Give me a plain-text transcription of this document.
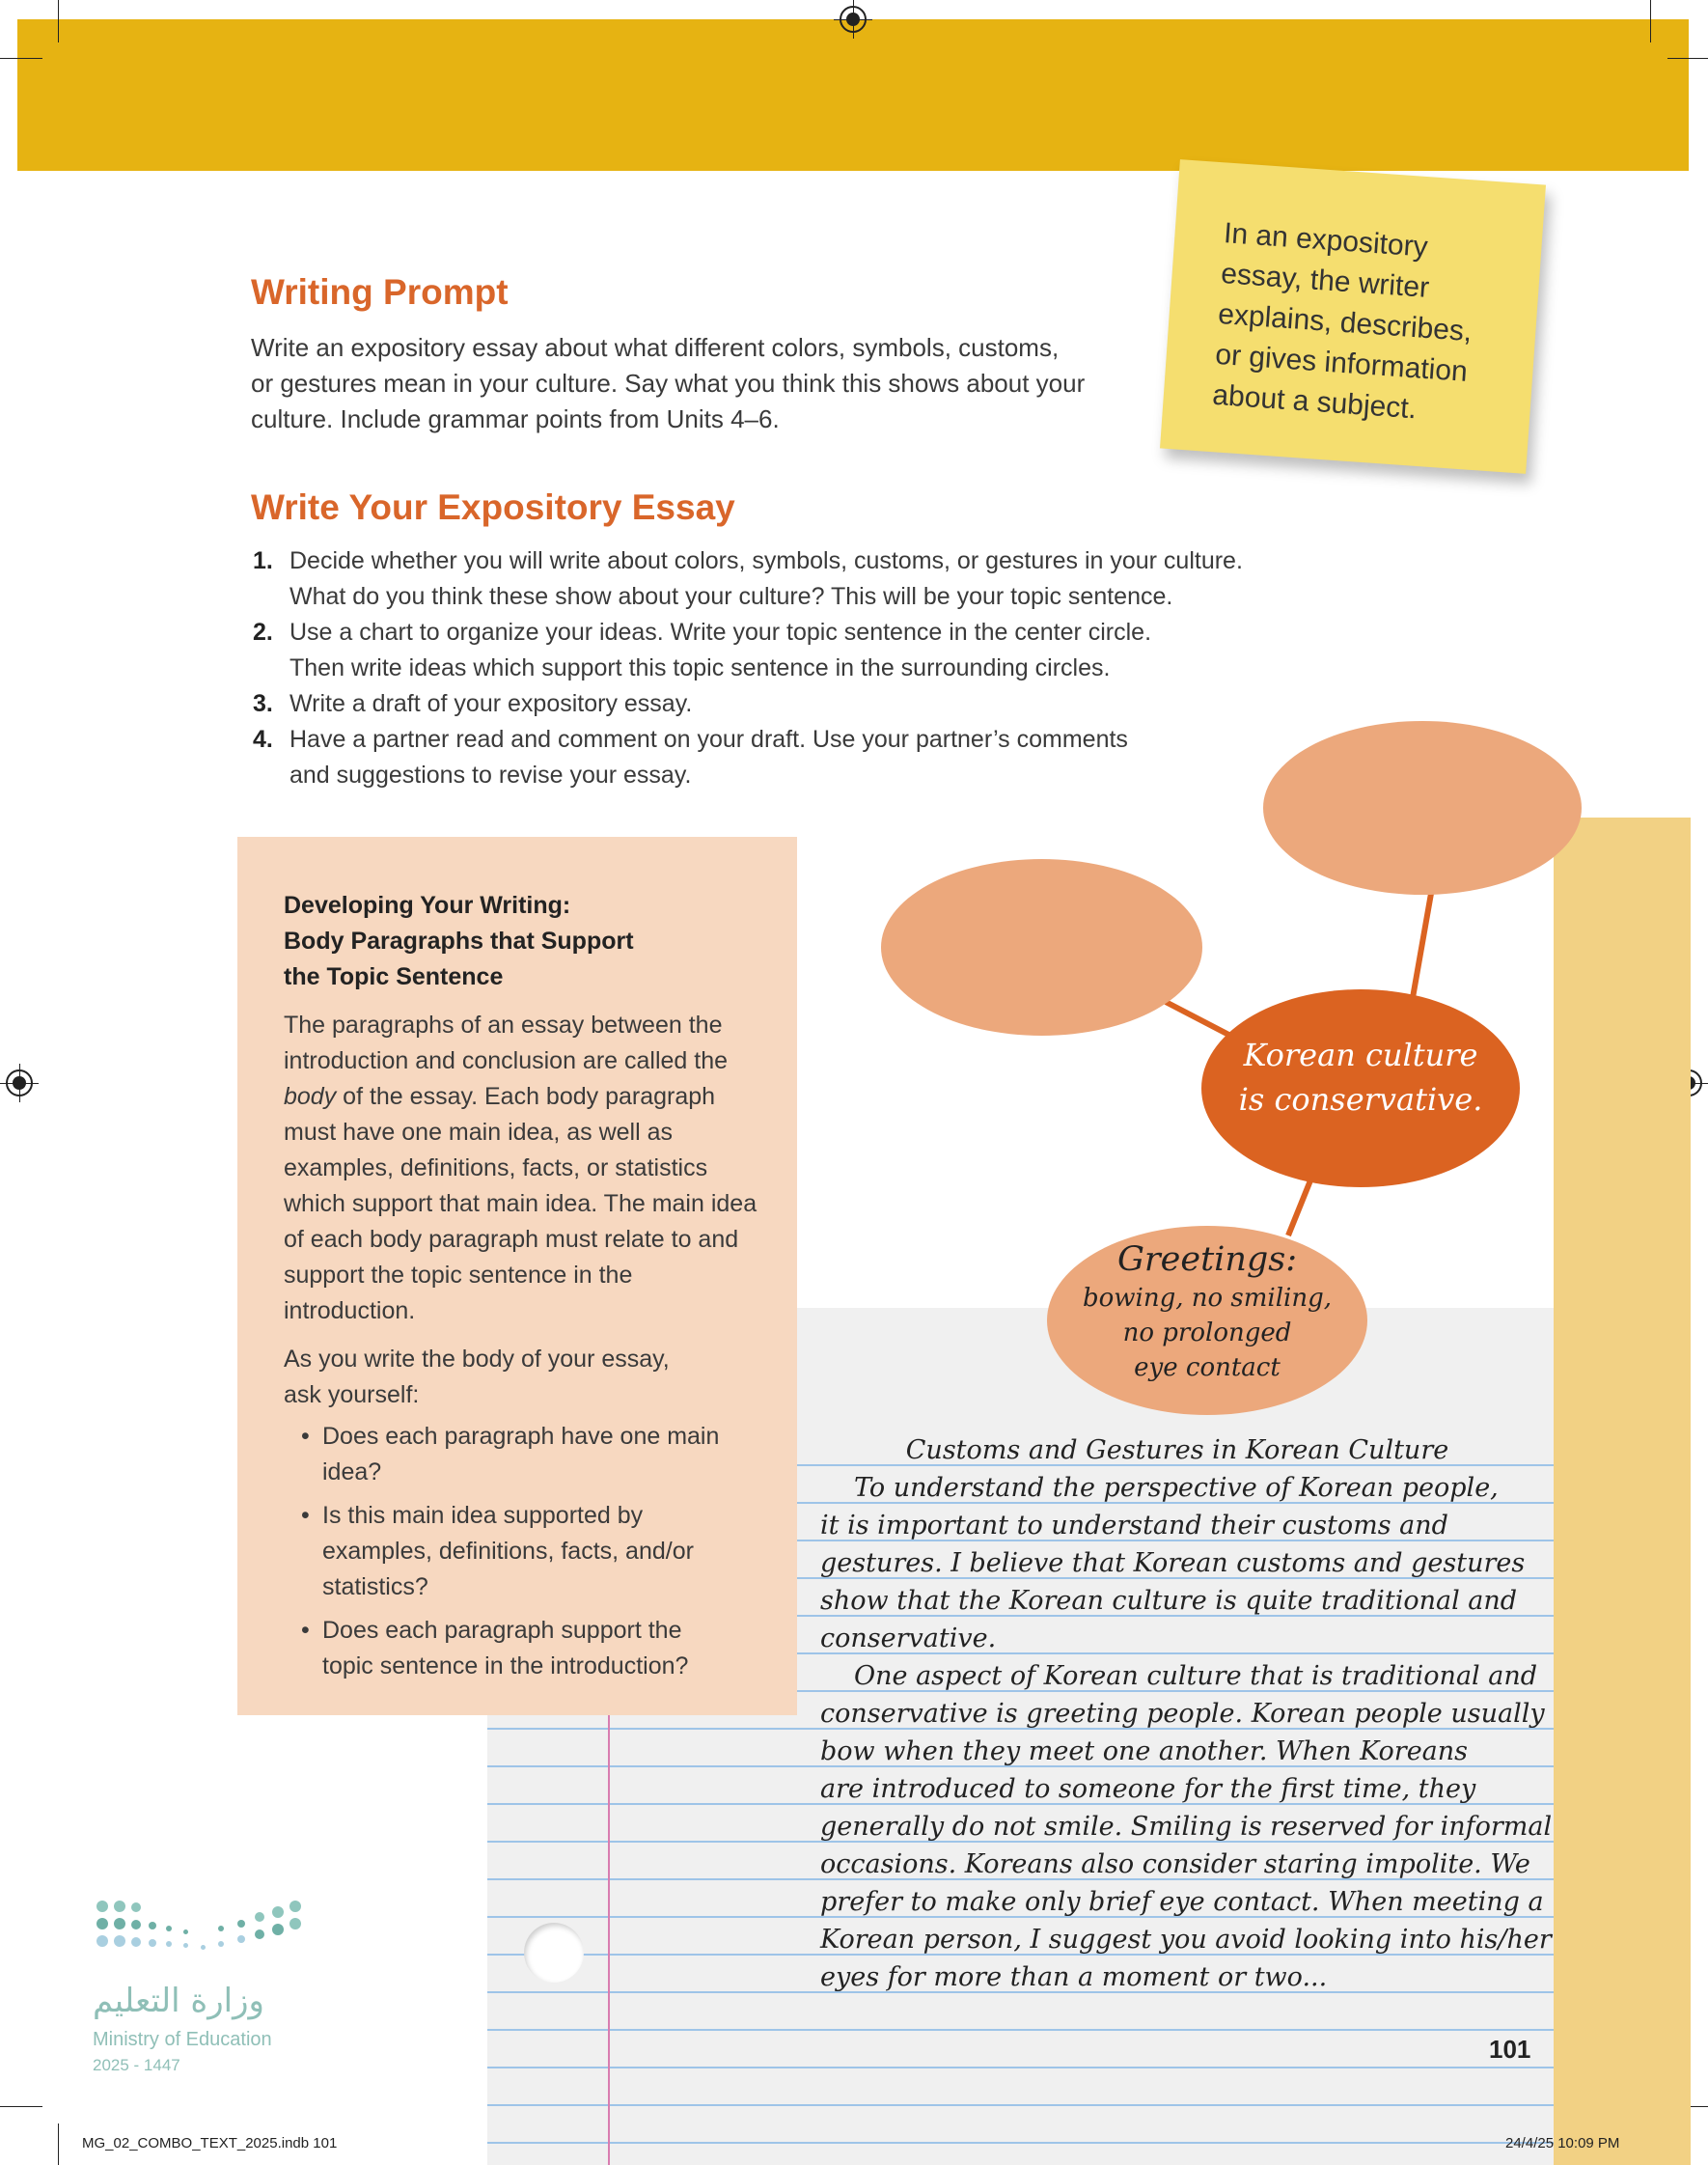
Writing Prompt
Write an expository essay about what different colors, symbols, customs,
or gestures mean in your culture. Say what you think this shows about your
culture. Include grammar points from Units 4–6.
In an expository
essay, the writer
explains, describes,
or gives information
about a subject.
Write Your Expository Essay
1. Decide whether you will write about colors, symbols, customs, or gestures in your culture.
What do you think these show about your culture? This will be your topic sentence.
2. Use a chart to organize your ideas. Write your topic sentence in the center circle.
Then write ideas which support this topic sentence in the surrounding circles.
3. Write a draft of your expository essay.
4. Have a partner read and comment on your draft. Use your partner’s comments
and suggestions to revise your essay.
Developing Your Writing:
Body Paragraphs that Support
the Topic Sentence

The paragraphs of an essay between the introduction and conclusion are called the body of the essay. Each body paragraph must have one main idea, as well as examples, definitions, facts, or statistics which support that main idea. The main idea of each body paragraph must relate to and support the topic sentence in the introduction.

As you write the body of your essay, ask yourself:

• Does each paragraph have one main idea?
• Is this main idea supported by examples, definitions, facts, and/or statistics?
• Does each paragraph support the topic sentence in the introduction?
Korean culture
is conservative.
Greetings:
bowing, no smiling,
no prolonged
eye contact
Customs and Gestures in Korean Culture
To understand the perspective of Korean people,
it is important to understand their customs and
gestures. I believe that Korean customs and gestures
show that the Korean culture is quite traditional and
conservative.
One aspect of Korean culture that is traditional and
conservative is greeting people. Korean people usually
bow when they meet one another. When Koreans
are introduced to someone for the first time, they
generally do not smile. Smiling is reserved for informal
occasions. Koreans also consider staring impolite. We
prefer to make only brief eye contact. When meeting a
Korean person, I suggest you avoid looking into his/her
eyes for more than a moment or two...
101
وزارة التعليم
Ministry of Education
2025 - 1447
MG_02_COMBO_TEXT_2025.indb 101	24/4/25 10:09 PM
